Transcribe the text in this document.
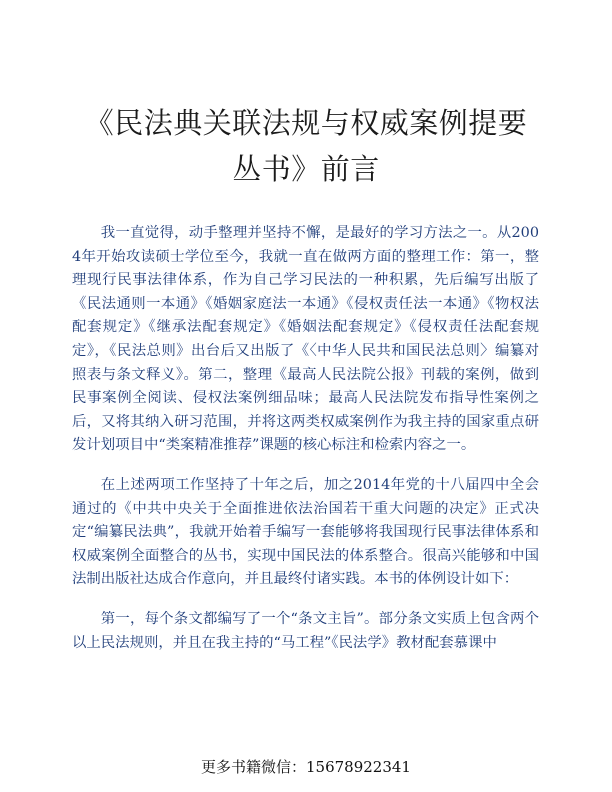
《民法典关联法规与权威案例提要丛书》前言

我一直觉得，动手整理并坚持不懈，是最好的学习方法之一。从2004年开始攻读硕士学位至今，我就一直在做两方面的整理工作：第一，整理现行民事法律体系，作为自己学习民法的一种积累，先后编写出版了《民法通则一本通》《婚姻家庭法一本通》《侵权责任法一本通》《物权法配套规定》《继承法配套规定》《婚姻法配套规定》《侵权责任法配套规定》，《民法总则》出台后又出版了《〈中华人民共和国民法总则〉编纂对照表与条文释义》。第二，整理《最高人民法院公报》刊载的案例，做到民事案例全阅读、侵权法案例细品味；最高人民法院发布指导性案例之后，又将其纳入研习范围，并将这两类权威案例作为我主持的国家重点研发计划项目中“类案精准推荐”课题的核心标注和检索内容之一。

在上述两项工作坚持了十年之后，加之2014年党的十八届四中全会通过的《中共中央关于全面推进依法治国若干重大问题的决定》正式决定“编纂民法典”，我就开始着手编写一套能够将我国现行民事法律体系和权威案例全面整合的丛书，实现中国民法的体系整合。很高兴能够和中国法制出版社达成合作意向，并且最终付诸实践。本书的体例设计如下：

第一，每个条文都编写了一个“条文主旨”。部分条文实质上包含两个以上民法规则，并且在我主持的“马工程”《民法学》教材配套慕课中

更多书籍微信：15678922341
